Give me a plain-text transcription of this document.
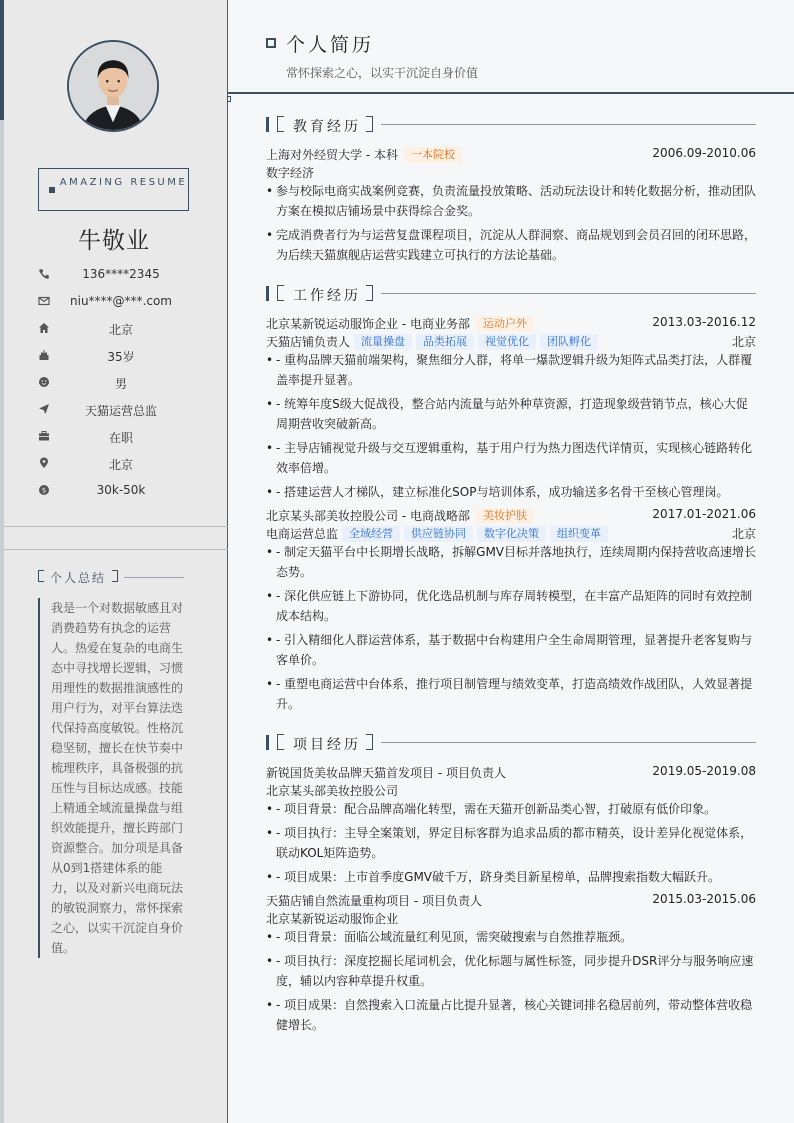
AMAZING RESUME
牛敬业
136****2345
niu****@***.com
北京
35岁
男
天猫运营总监
在职
北京
$	30k-50k
个人总结
我是一个对数据敏感且对消费趋势有执念的运营人。热爱在复杂的电商生态中寻找增长逻辑，习惯用理性的数据推演感性的用户行为，对平台算法迭代保持高度敏锐。性格沉稳坚韧，擅长在快节奏中梳理秩序，具备极强的抗压性与目标达成感。技能上精通全域流量操盘与组织效能提升，擅长跨部门资源整合。加分项是具备从0到1搭建体系的能力，以及对新兴电商玩法的敏锐洞察力，常怀探索之心，以实干沉淀自身价值。
个人简历
常怀探索之心，以实干沉淀自身价值
教育经历
上海对外经贸大学 - 本科 一本院校	2006.09-2010.06
数字经济
• 参与校际电商实战案例竞赛，负责流量投放策略、活动玩法设计和转化数据分析，推动团队方案在模拟店铺场景中获得综合金奖。
• 完成消费者行为与运营复盘课程项目，沉淀从人群洞察、商品规划到会员召回的闭环思路，为后续天猫旗舰店运营实践建立可执行的方法论基础。
工作经历
北京某新锐运动服饰企业 - 电商业务部 运动户外	2013.03-2016.12
天猫店铺负责人 流量操盘 品类拓展 视觉优化 团队孵化	北京
• - 重构品牌天猫前端架构，聚焦细分人群，将单一爆款逻辑升级为矩阵式品类打法，人群覆盖率提升显著。
• - 统筹年度S级大促战役，整合站内流量与站外种草资源，打造现象级营销节点，核心大促周期营收突破新高。
• - 主导店铺视觉升级与交互逻辑重构，基于用户行为热力图迭代详情页，实现核心链路转化效率倍增。
• - 搭建运营人才梯队，建立标准化SOP与培训体系，成功输送多名骨干至核心管理岗。
北京某头部美妆控股公司 - 电商战略部 美妆护肤	2017.01-2021.06
电商运营总监 全域经营 供应链协同 数字化决策 组织变革	北京
• - 制定天猫平台中长期增长战略，拆解GMV目标并落地执行，连续周期内保持营收高速增长态势。
• - 深化供应链上下游协同，优化选品机制与库存周转模型，在丰富产品矩阵的同时有效控制成本结构。
• - 引入精细化人群运营体系，基于数据中台构建用户全生命周期管理，显著提升老客复购与客单价。
• - 重塑电商运营中台体系，推行项目制管理与绩效变革，打造高绩效作战团队，人效显著提升。
项目经历
新锐国货美妆品牌天猫首发项目 - 项目负责人	2019.05-2019.08
北京某头部美妆控股公司
• - 项目背景：配合品牌高端化转型，需在天猫开创新品类心智，打破原有低价印象。
• - 项目执行：主导全案策划，界定目标客群为追求品质的都市精英，设计差异化视觉体系，联动KOL矩阵造势。
• - 项目成果：上市首季度GMV破千万，跻身类目新星榜单，品牌搜索指数大幅跃升。
天猫店铺自然流量重构项目 - 项目负责人	2015.03-2015.06
北京某新锐运动服饰企业
• - 项目背景：面临公域流量红利见顶，需突破搜索与自然推荐瓶颈。
• - 项目执行：深度挖掘长尾词机会，优化标题与属性标签，同步提升DSR评分与服务响应速度，辅以内容种草提升权重。
• - 项目成果：自然搜索入口流量占比提升显著，核心关键词排名稳居前列，带动整体营收稳健增长。
